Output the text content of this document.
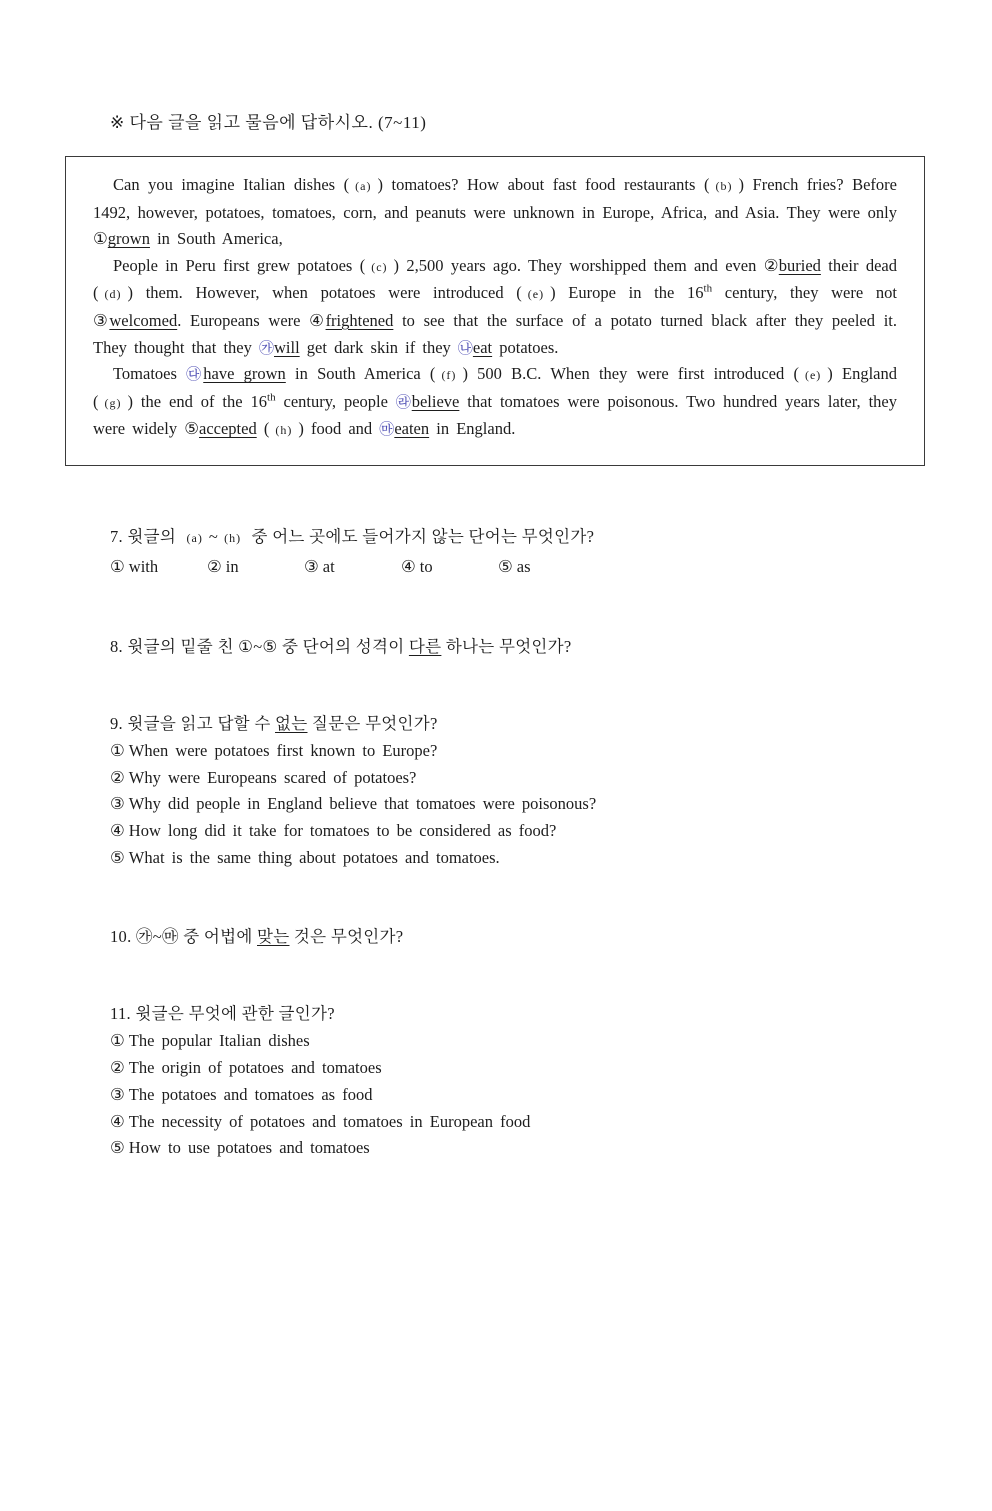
※ 다음 글을 읽고 물음에 답하시오. (7~11)

Can you imagine Italian dishes ( (a) ) tomatoes? How about fast food restaurants ( (b) ) French fries? Before 1492, however, potatoes, tomatoes, corn, and peanuts were unknown in Europe, Africa, and Asia. They were only ①grown in South America,

People in Peru first grew potatoes ( (c) ) 2,500 years ago. They worshipped them and even ②buried their dead ( (d) ) them. However, when potatoes were introduced ( (e) ) Europe in the 16th century, they were not ③welcomed. Europeans were ④frightened to see that the surface of a potato turned black after they peeled it. They thought that they ㉮will get dark skin if they ㉯eat potatoes.

Tomatoes ㉰have grown in South America ( (f) ) 500 B.C. When they were first introduced ( (e) ) England ( (g) ) the end of the 16th century, people ㉱believe that tomatoes were poisonous. Two hundred years later, they were widely ⑤accepted ( (h) ) food and ㉲eaten in England.

7. 윗글의 (a) ~ (h) 중 어느 곳에도 들어가지 않는 단어는 무엇인가?
① with	② in	③ at	④ to	⑤ as
8. 윗글의 밑줄 친 ①~⑤ 중 단어의 성격이 다른 하나는 무엇인가?
9. 윗글을 읽고 답할 수 없는 질문은 무엇인가?
① When were potatoes first known to Europe?
② Why were Europeans scared of potatoes?
③ Why did people in England believe that tomatoes were poisonous?
④ How long did it take for tomatoes to be considered as food?
⑤ What is the same thing about potatoes and tomatoes.
10. ㉮~㉲ 중 어법에 맞는 것은 무엇인가?
11. 윗글은 무엇에 관한 글인가?
① The popular Italian dishes
② The origin of potatoes and tomatoes
③ The potatoes and tomatoes as food
④ The necessity of potatoes and tomatoes in European food
⑤ How to use potatoes and tomatoes
